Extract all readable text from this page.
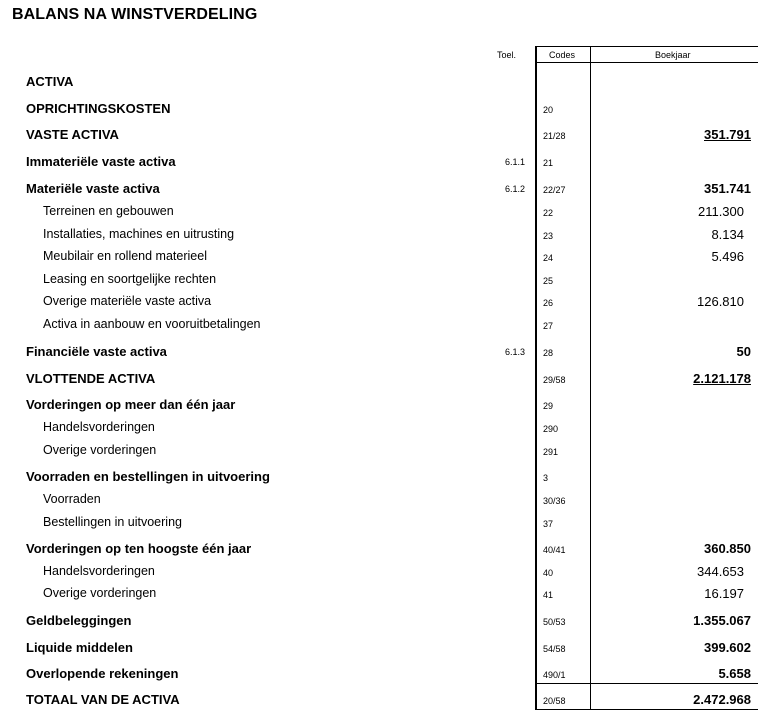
BALANS NA WINSTVERDELING
Toel.	Codes	Boekjaar
ACTIVA
OPRICHTINGSKOSTEN	20
VASTE ACTIVA	21/28	351.791
Immateriële vaste activa	6.1.1 21
Materiële vaste activa	6.1.2 22/27	351.741
Terreinen en gebouwen	22	211.300
Installaties, machines en uitrusting	23	8.134
Meubilair en rollend materieel	24	5.496
Leasing en soortgelijke rechten	25
Overige materiële vaste activa	26	126.810
Activa in aanbouw en vooruitbetalingen	27
Financiële vaste activa	6.1.3 28	50
VLOTTENDE ACTIVA	29/58	2.121.178
Vorderingen op meer dan één jaar	29
Handelsvorderingen	290
Overige vorderingen	291
Voorraden en bestellingen in uitvoering	3
Voorraden	30/36
Bestellingen in uitvoering	37
Vorderingen op ten hoogste één jaar	40/41	360.850
Handelsvorderingen	40	344.653
Overige vorderingen	41	16.197
Geldbeleggingen	50/53	1.355.067
Liquide middelen	54/58	399.602
Overlopende rekeningen	490/1	5.658
TOTAAL VAN DE ACTIVA	20/58	2.472.968
